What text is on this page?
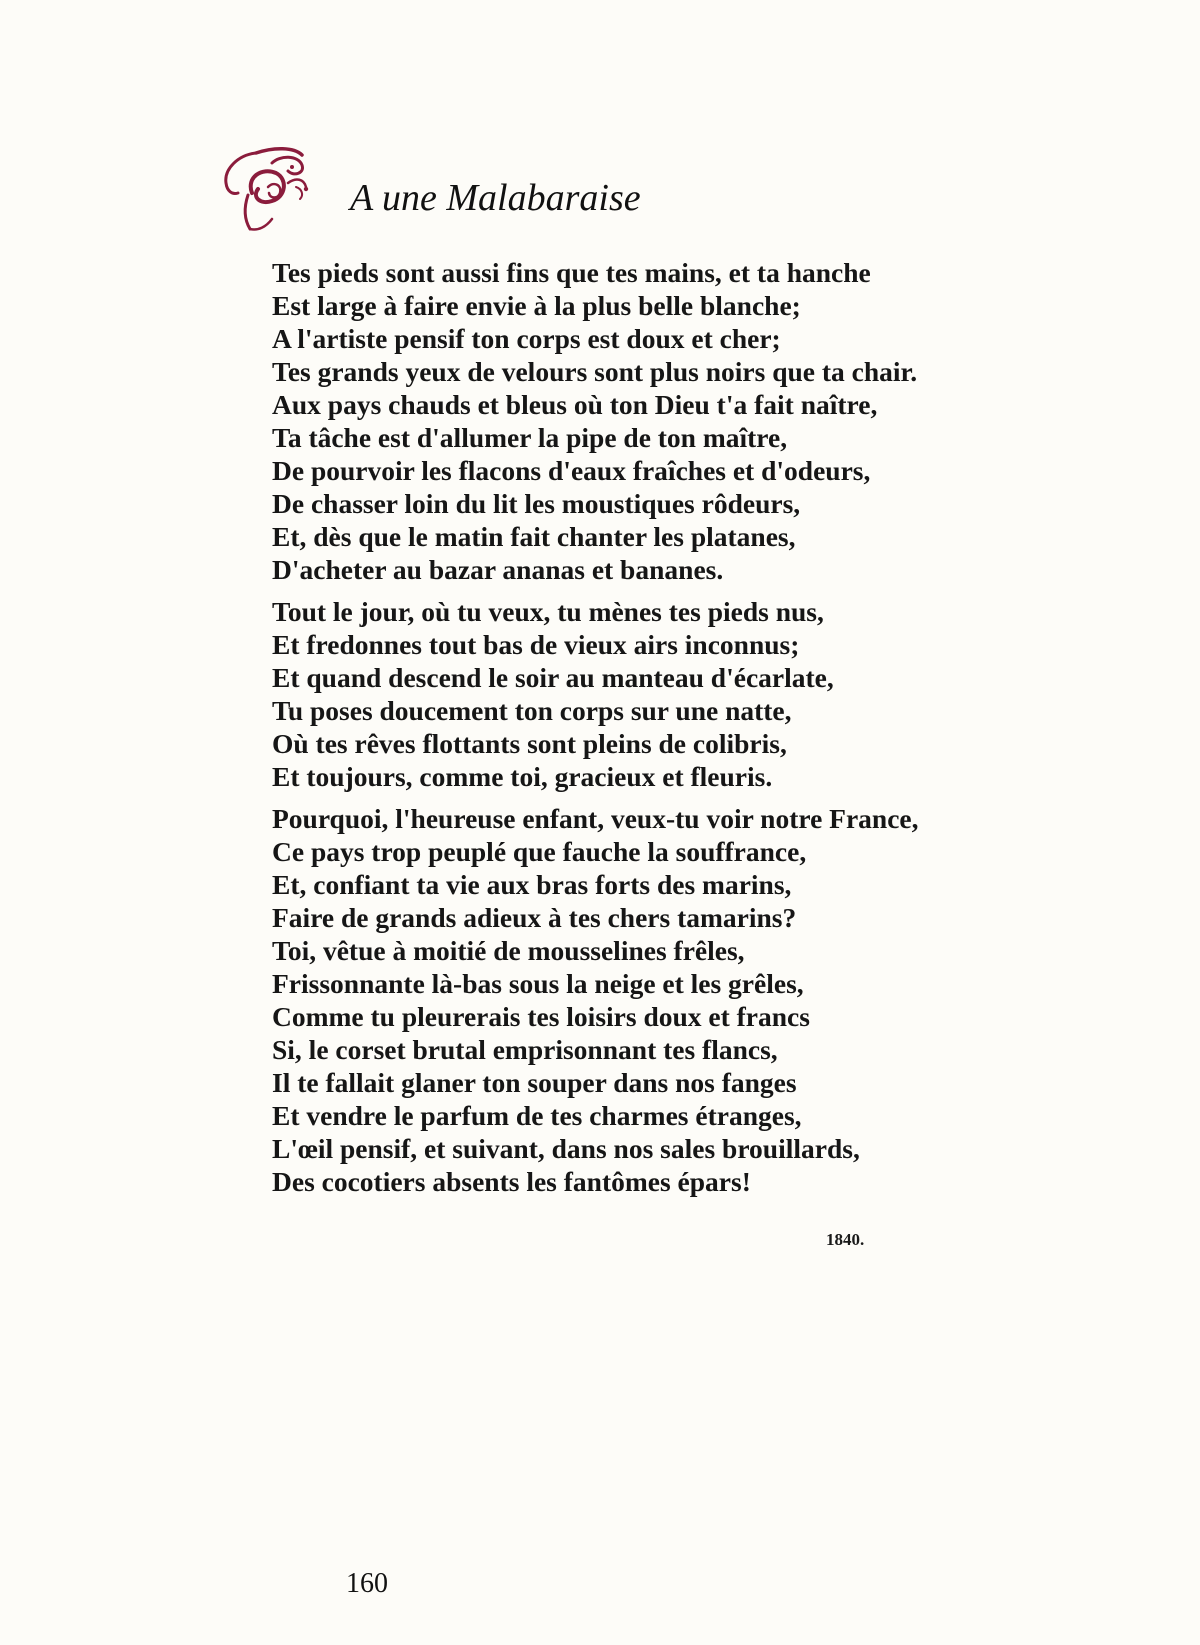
A une Malabaraise
Tes pieds sont aussi fins que tes mains, et ta hanche
Est large à faire envie à la plus belle blanche;
A l'artiste pensif ton corps est doux et cher;
Tes grands yeux de velours sont plus noirs que ta chair.
Aux pays chauds et bleus où ton Dieu t'a fait naître,
Ta tâche est d'allumer la pipe de ton maître,
De pourvoir les flacons d'eaux fraîches et d'odeurs,
De chasser loin du lit les moustiques rôdeurs,
Et, dès que le matin fait chanter les platanes,
D'acheter au bazar ananas et bananes.
Tout le jour, où tu veux, tu mènes tes pieds nus,
Et fredonnes tout bas de vieux airs inconnus;
Et quand descend le soir au manteau d'écarlate,
Tu poses doucement ton corps sur une natte,
Où tes rêves flottants sont pleins de colibris,
Et toujours, comme toi, gracieux et fleuris.
Pourquoi, l'heureuse enfant, veux-tu voir notre France,
Ce pays trop peuplé que fauche la souffrance,
Et, confiant ta vie aux bras forts des marins,
Faire de grands adieux à tes chers tamarins?
Toi, vêtue à moitié de mousselines frêles,
Frissonnante là-bas sous la neige et les grêles,
Comme tu pleurerais tes loisirs doux et francs
Si, le corset brutal emprisonnant tes flancs,
Il te fallait glaner ton souper dans nos fanges
Et vendre le parfum de tes charmes étranges,
L'œil pensif, et suivant, dans nos sales brouillards,
Des cocotiers absents les fantômes épars!
1840.
160
